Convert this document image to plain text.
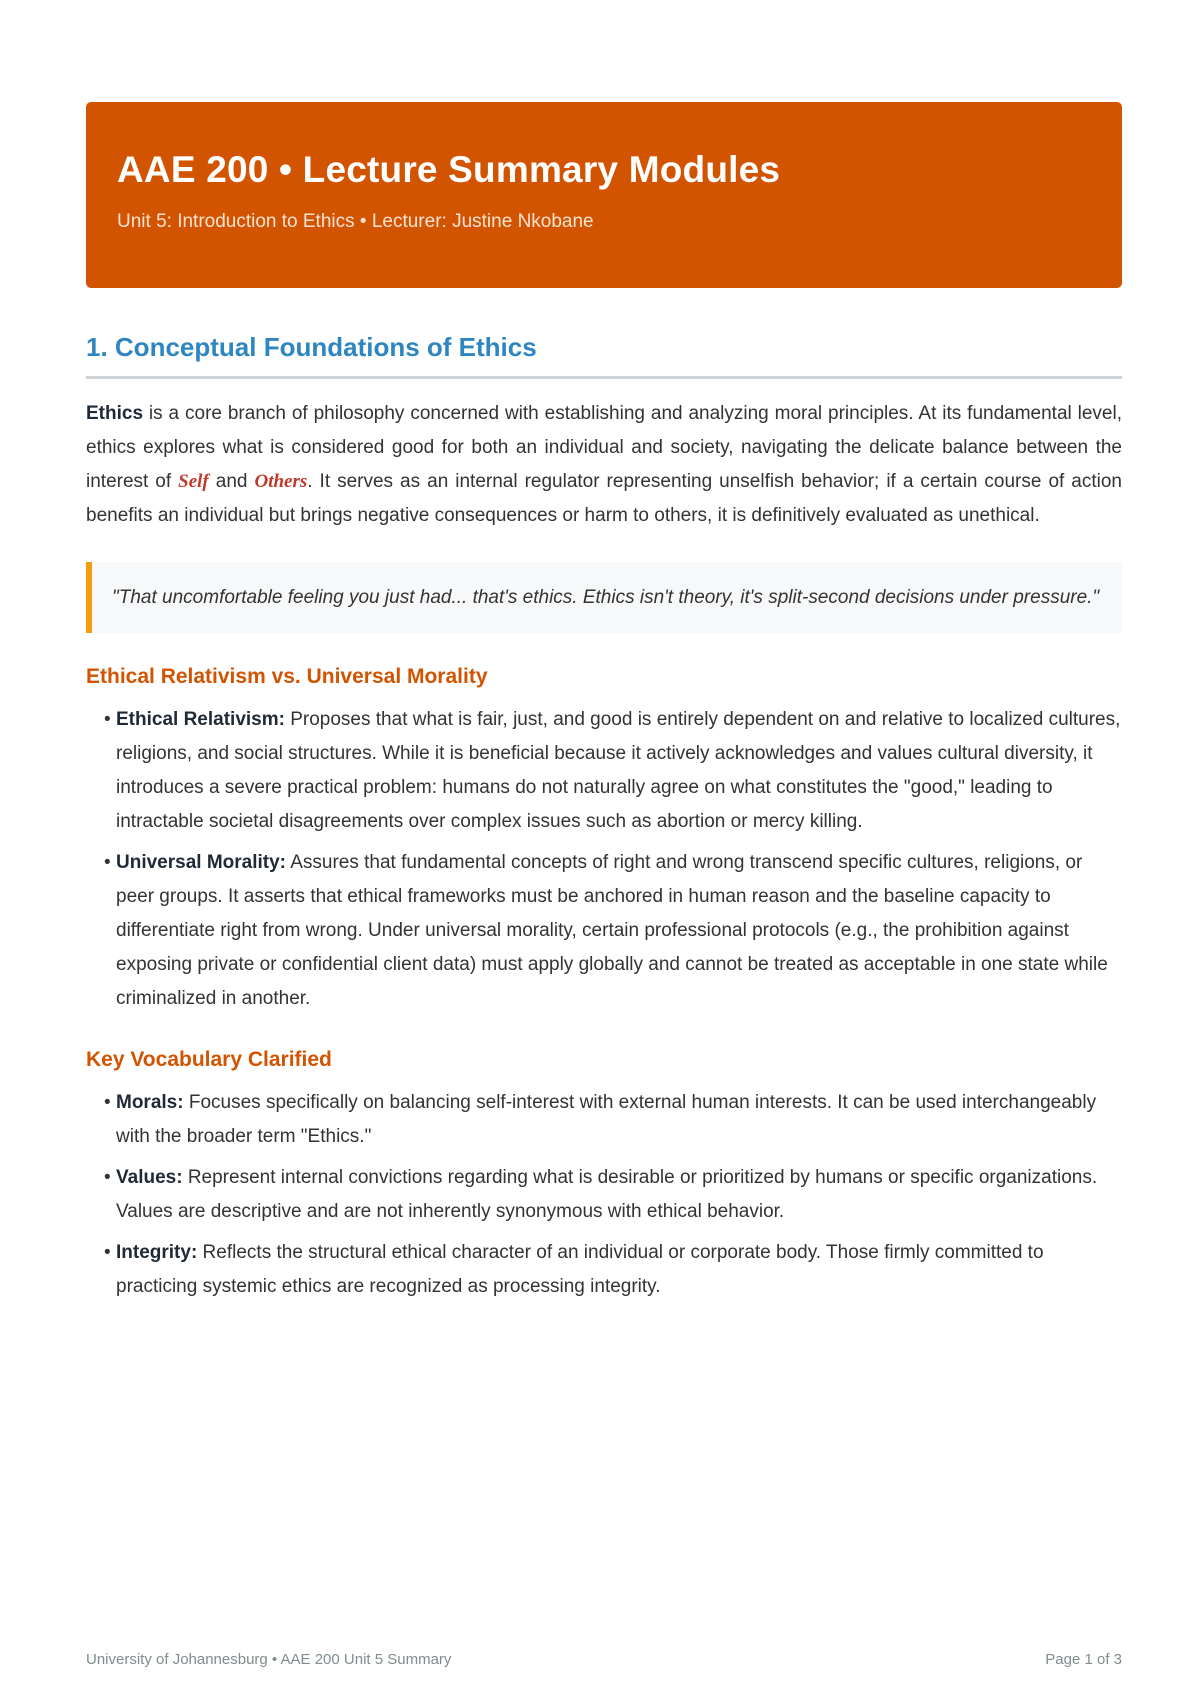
AAE 200 • Lecture Summary Modules
Unit 5: Introduction to Ethics • Lecturer: Justine Nkobane
1. Conceptual Foundations of Ethics

Ethics is a core branch of philosophy concerned with establishing and analyzing moral principles. At its fundamental level, ethics explores what is considered good for both an individual and society, navigating the delicate balance between the interest of Self and Others. It serves as an internal regulator representing unselfish behavior; if a certain course of action benefits an individual but brings negative consequences or harm to others, it is definitively evaluated as unethical.

"That uncomfortable feeling you just had... that's ethics. Ethics isn't theory, it's split-second decisions under pressure."
Ethical Relativism vs. Universal Morality
• Ethical Relativism: Proposes that what is fair, just, and good is entirely dependent on and relative to localized cultures, religions, and social structures. While it is beneficial because it actively acknowledges and values cultural diversity, it introduces a severe practical problem: humans do not naturally agree on what constitutes the "good," leading to intractable societal disagreements over complex issues such as abortion or mercy killing.
• Universal Morality: Assures that fundamental concepts of right and wrong transcend specific cultures, religions, or peer groups. It asserts that ethical frameworks must be anchored in human reason and the baseline capacity to differentiate right from wrong. Under universal morality, certain professional protocols (e.g., the prohibition against exposing private or confidential client data) must apply globally and cannot be treated as acceptable in one state while criminalized in another.
Key Vocabulary Clarified
• Morals: Focuses specifically on balancing self-interest with external human interests. It can be used interchangeably with the broader term "Ethics."
• Values: Represent internal convictions regarding what is desirable or prioritized by humans or specific organizations. Values are descriptive and are not inherently synonymous with ethical behavior.
• Integrity: Reflects the structural ethical character of an individual or corporate body. Those firmly committed to practicing systemic ethics are recognized as processing integrity.
University of Johannesburg • AAE 200 Unit 5 Summary	Page 1 of 3
